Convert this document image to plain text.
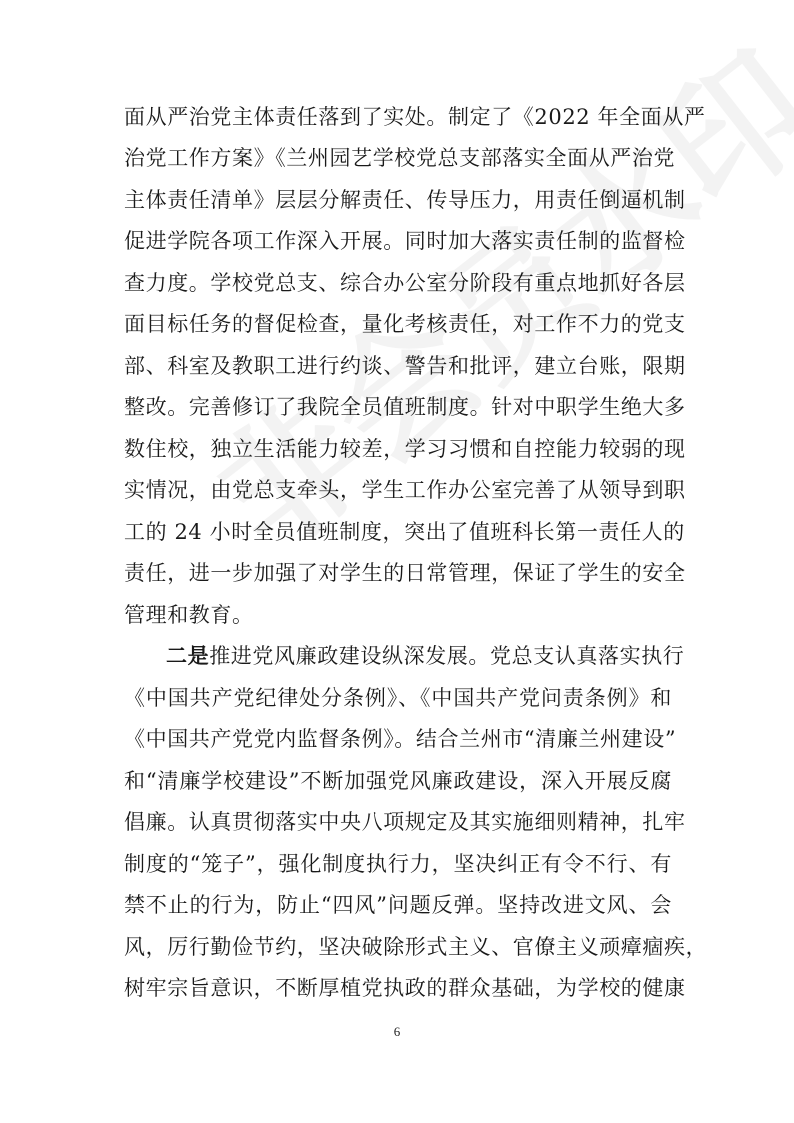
面从严治党主体责任落到了实处。制定了《2022 年全面从严
治党工作方案》《兰州园艺学校党总支部落实全面从严治党
主体责任清单》层层分解责任、传导压力，用责任倒逼机制
促进学院各项工作深入开展。同时加大落实责任制的监督检
查力度。学校党总支、综合办公室分阶段有重点地抓好各层
面目标任务的督促检查，量化考核责任，对工作不力的党支
部、科室及教职工进行约谈、警告和批评，建立台账，限期
整改。完善修订了我院全员值班制度。针对中职学生绝大多
数住校，独立生活能力较差，学习习惯和自控能力较弱的现
实情况，由党总支牵头，学生工作办公室完善了从领导到职
工的 24 小时全员值班制度，突出了值班科长第一责任人的
责任，进一步加强了对学生的日常管理，保证了学生的安全
管理和教育。
二是 推进党风廉政建设纵深发展。党总支认真落实执行
《中国共产党纪律处分条例》、《中国共产党问责条例》和
《中国共产党党内监督条例》。结合兰州市“清廉兰州建设”
和“清廉学校建设”不断加强党风廉政建设，深入开展反腐
倡廉。认真贯彻落实中央八项规定及其实施细则精神，扎牢
制度的“笼子”，强化制度执行力，坚决纠正有令不行、有
禁不止的行为，防止“四风”问题反弹。坚持改进文风、会
风，厉行勤俭节约，坚决破除形式主义、官僚主义顽瘴痼疾，
树牢宗旨意识，不断厚植党执政的群众基础，为学校的健康
6
